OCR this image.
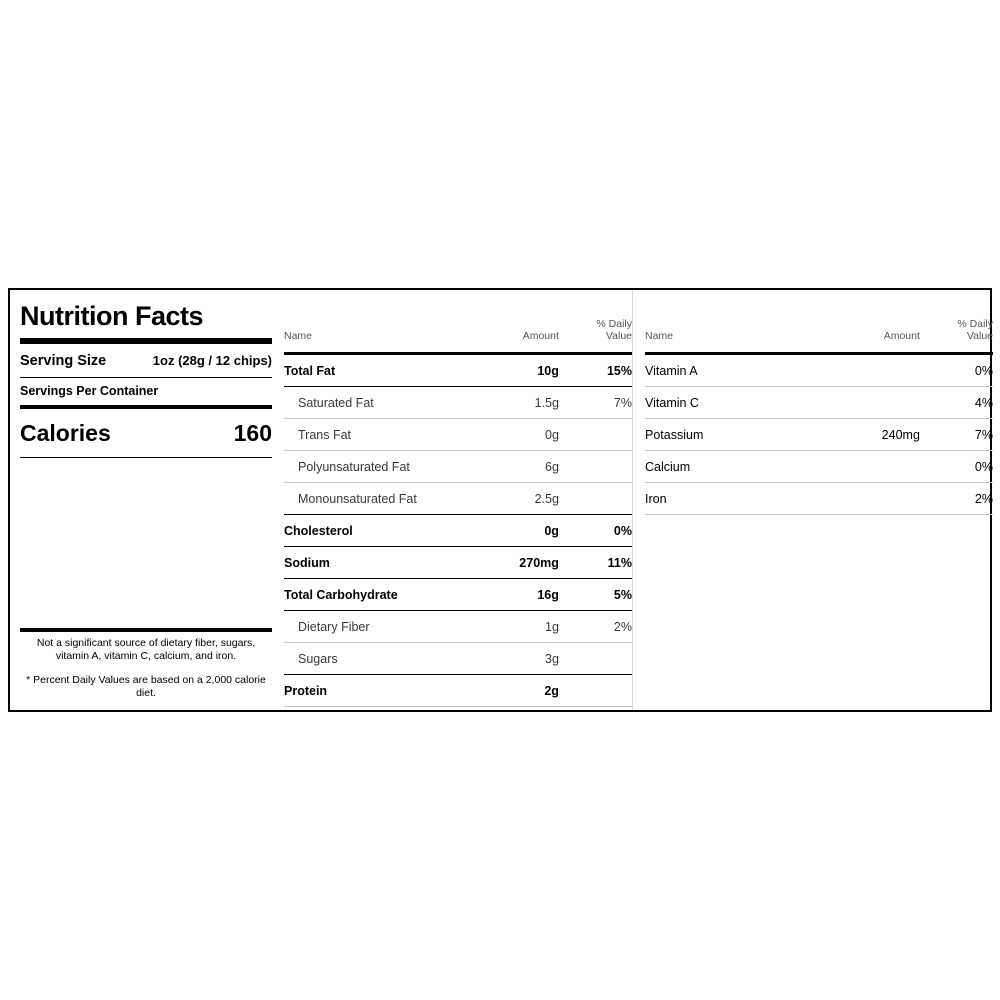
Nutrition Facts
Serving Size	1oz (28g / 12 chips)
Servings Per Container
Calories	160
Not a significant source of dietary fiber, sugars, vitamin A, vitamin C, calcium, and iron.
* Percent Daily Values are based on a 2,000 calorie diet.
Name	Amount	% Daily
Value
Total Fat	10g	15%
Saturated Fat	1.5g	7%
Trans Fat	0g	
Polyunsaturated Fat	6g	
Monounsaturated Fat	2.5g	
Cholesterol	0g	0%
Sodium	270mg	11%
Total Carbohydrate	16g	5%
Dietary Fiber	1g	2%
Sugars	3g	
Protein	2g	
Name	Amount	% Daily
Value
Vitamin A		0%
Vitamin C		4%
Potassium	240mg	7%
Calcium		0%
Iron		2%
